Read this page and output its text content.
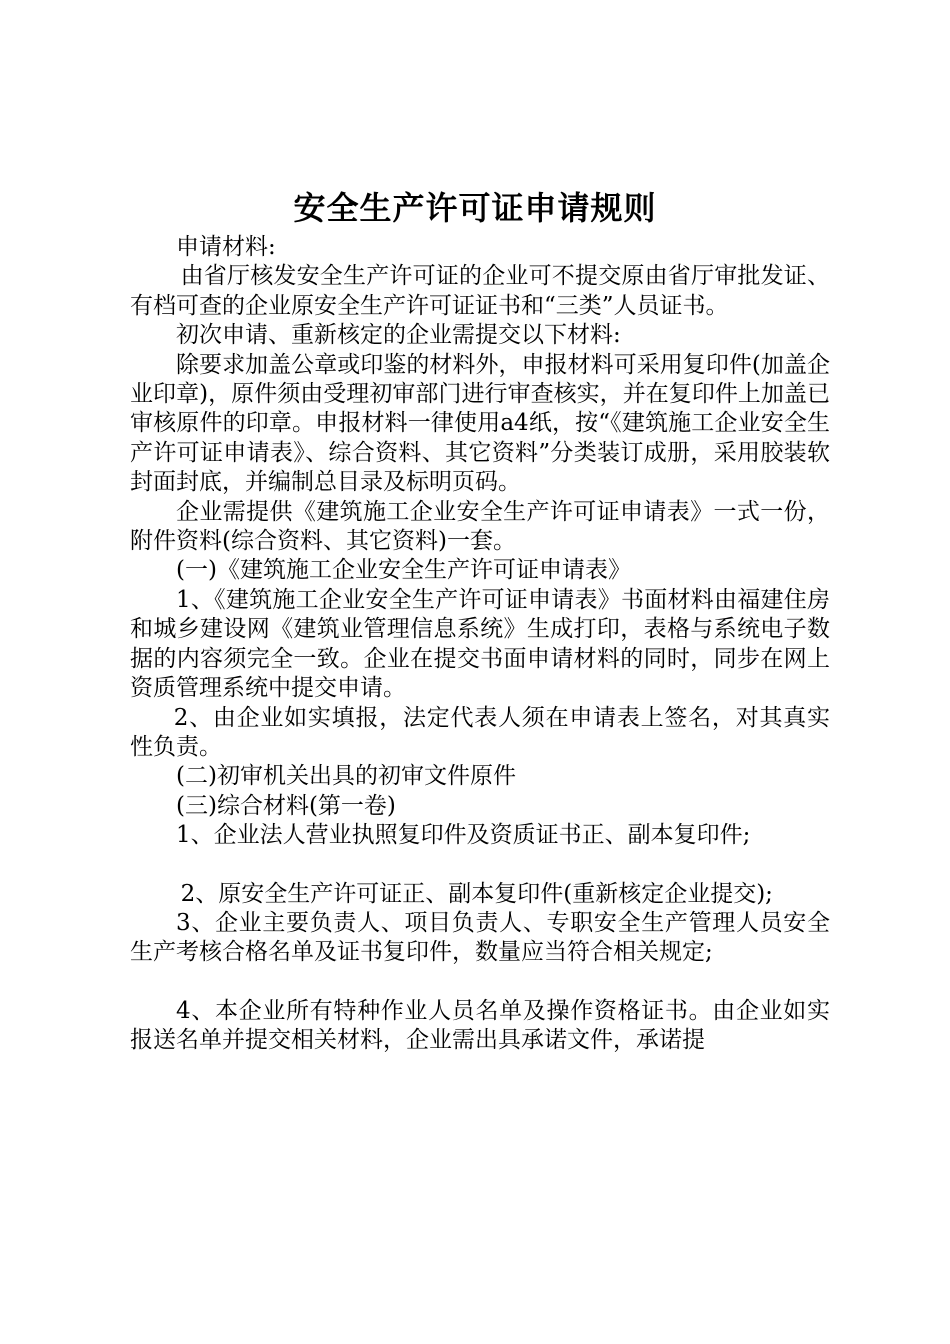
安全生产许可证申请规则

申请材料:

由省厅核发安全生产许可证的企业可不提交原由省厅审批发证、有档可查的企业原安全生产许可证证书和“三类”人员证书。

初次申请、重新核定的企业需提交以下材料:

除要求加盖公章或印鉴的材料外，申报材料可采用复印件(加盖企业印章)，原件须由受理初审部门进行审查核实，并在复印件上加盖已审核原件的印章。申报材料一律使用a4纸，按“《建筑施工企业安全生产许可证申请表》、综合资料、其它资料”分类装订成册，采用胶装软封面封底，并编制总目录及标明页码。

企业需提供《建筑施工企业安全生产许可证申请表》一式一份，附件资料(综合资料、其它资料)一套。

(一)《建筑施工企业安全生产许可证申请表》

1、《建筑施工企业安全生产许可证申请表》书面材料由福建住房和城乡建设网《建筑业管理信息系统》生成打印，表格与系统电子数据的内容须完全一致。企业在提交书面申请材料的同时，同步在网上资质管理系统中提交申请。

2、由企业如实填报，法定代表人须在申请表上签名，对其真实性负责。

(二)初审机关出具的初审文件原件

(三)综合材料(第一卷)

1、企业法人营业执照复印件及资质证书正、副本复印件;

2、原安全生产许可证正、副本复印件(重新核定企业提交);

3、企业主要负责人、项目负责人、专职安全生产管理人员安全生产考核合格名单及证书复印件，数量应当符合相关规定;

4、本企业所有特种作业人员名单及操作资格证书。由企业如实报送名单并提交相关材料，企业需出具承诺文件，承诺提
